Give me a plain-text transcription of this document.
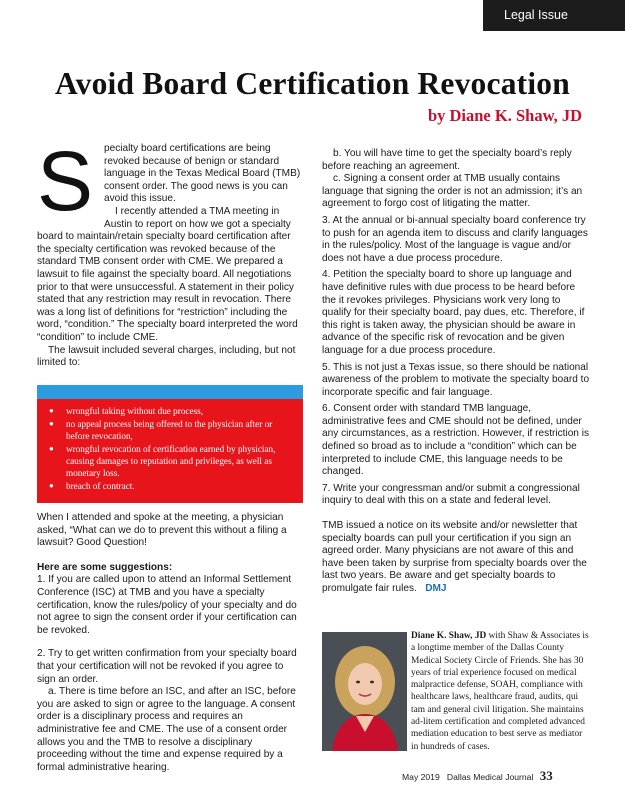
Legal Issue
Avoid Board Certification Revocation
by Diane K. Shaw, JD
S	pecialty board certifications are being revoked because of benign or standard language in the Texas Medical Board (TMB) consent order. The good news is you can avoid this issue.

I recently attended a TMA meeting in Austin to report on how we got a specialty board to maintain/retain specialty board certification after the specialty certification was revoked because of the standard TMB consent order with CME. We prepared a lawsuit to file against the specialty board. All negotiations prior to that were unsuccessful. A statement in their policy stated that any restriction may result in revocation. There was a long list of definitions for “restriction” including the word, “condition.” The specialty board interpreted the word “condition” to include CME.

The lawsuit included several charges, including, but not limited to:

● wrongful taking without due process,
● no appeal process being offered to the physician after or before revocation,
● wrongful revocation of certification earned by physician, causing damages to reputation and privileges, as well as monetary loss.
● breach of contract.

When I attended and spoke at the meeting, a physician asked, “What can we do to prevent this without a filing a lawsuit? Good Question!

Here are some suggestions:

1. If you are called upon to attend an Informal Settlement Conference (ISC) at TMB and you have a specialty certification, know the rules/policy of your specialty and do not agree to sign the consent order if your certification can be revoked.

2. Try to get written confirmation from your specialty board that your certification will not be revoked if you agree to sign an order.

a. There is time before an ISC, and after an ISC, before you are asked to sign or agree to the language. A consent order is a disciplinary process and requires an administrative fee and CME. The use of a consent order allows you and the TMB to resolve a disciplinary proceeding without the time and expense required by a formal administrative hearing.

b. You will have time to get the specialty board’s reply before reaching an agreement.

c. Signing a consent order at TMB usually contains language that signing the order is not an admission; it’s an agreement to forgo cost of litigating the matter.

3. At the annual or bi-annual specialty board conference try to push for an agenda item to discuss and clarify languages in the rules/policy. Most of the language is vague and/or does not have a due process procedure.

4. Petition the specialty board to shore up language and have definitive rules with due process to be heard before the it revokes privileges. Physicians work very long to qualify for their specialty board, pay dues, etc. Therefore, if this right is taken away, the physician should be aware in advance of the specific risk of revocation and be given language for a due process procedure.

5. This is not just a Texas issue, so there should be national awareness of the problem to motivate the specialty board to incorporate specific and fair language.

6. Consent order with standard TMB language, administrative fees and CME should not be defined, under any circumstances, as a restriction. However, if restriction is defined so broad as to include a “condition” which can be interpreted to include CME, this language needs to be changed.

7. Write your congressman and/or submit a congressional inquiry to deal with this on a state and federal level.

TMB issued a notice on its website and/or newsletter that specialty boards can pull your certification if you sign an agreed order. Many physicians are not aware of this and have been taken by surprise from specialty boards over the last two years. Be aware and get specialty boards to promulgate fair rules. DMJ

Diane K. Shaw, JD with Shaw & Associates is a longtime member of the Dallas County Medical Society Circle of Friends. She has 30 years of trial experience focused on medical malpractice defense, SOAH, compliance with healthcare laws, healthcare fraud, audits, qui tam and general civil litigation. She maintains ad-litem certification and completed advanced mediation education to best serve as mediator in hundreds of cases.
May 2019 Dallas Medical Journal 33
